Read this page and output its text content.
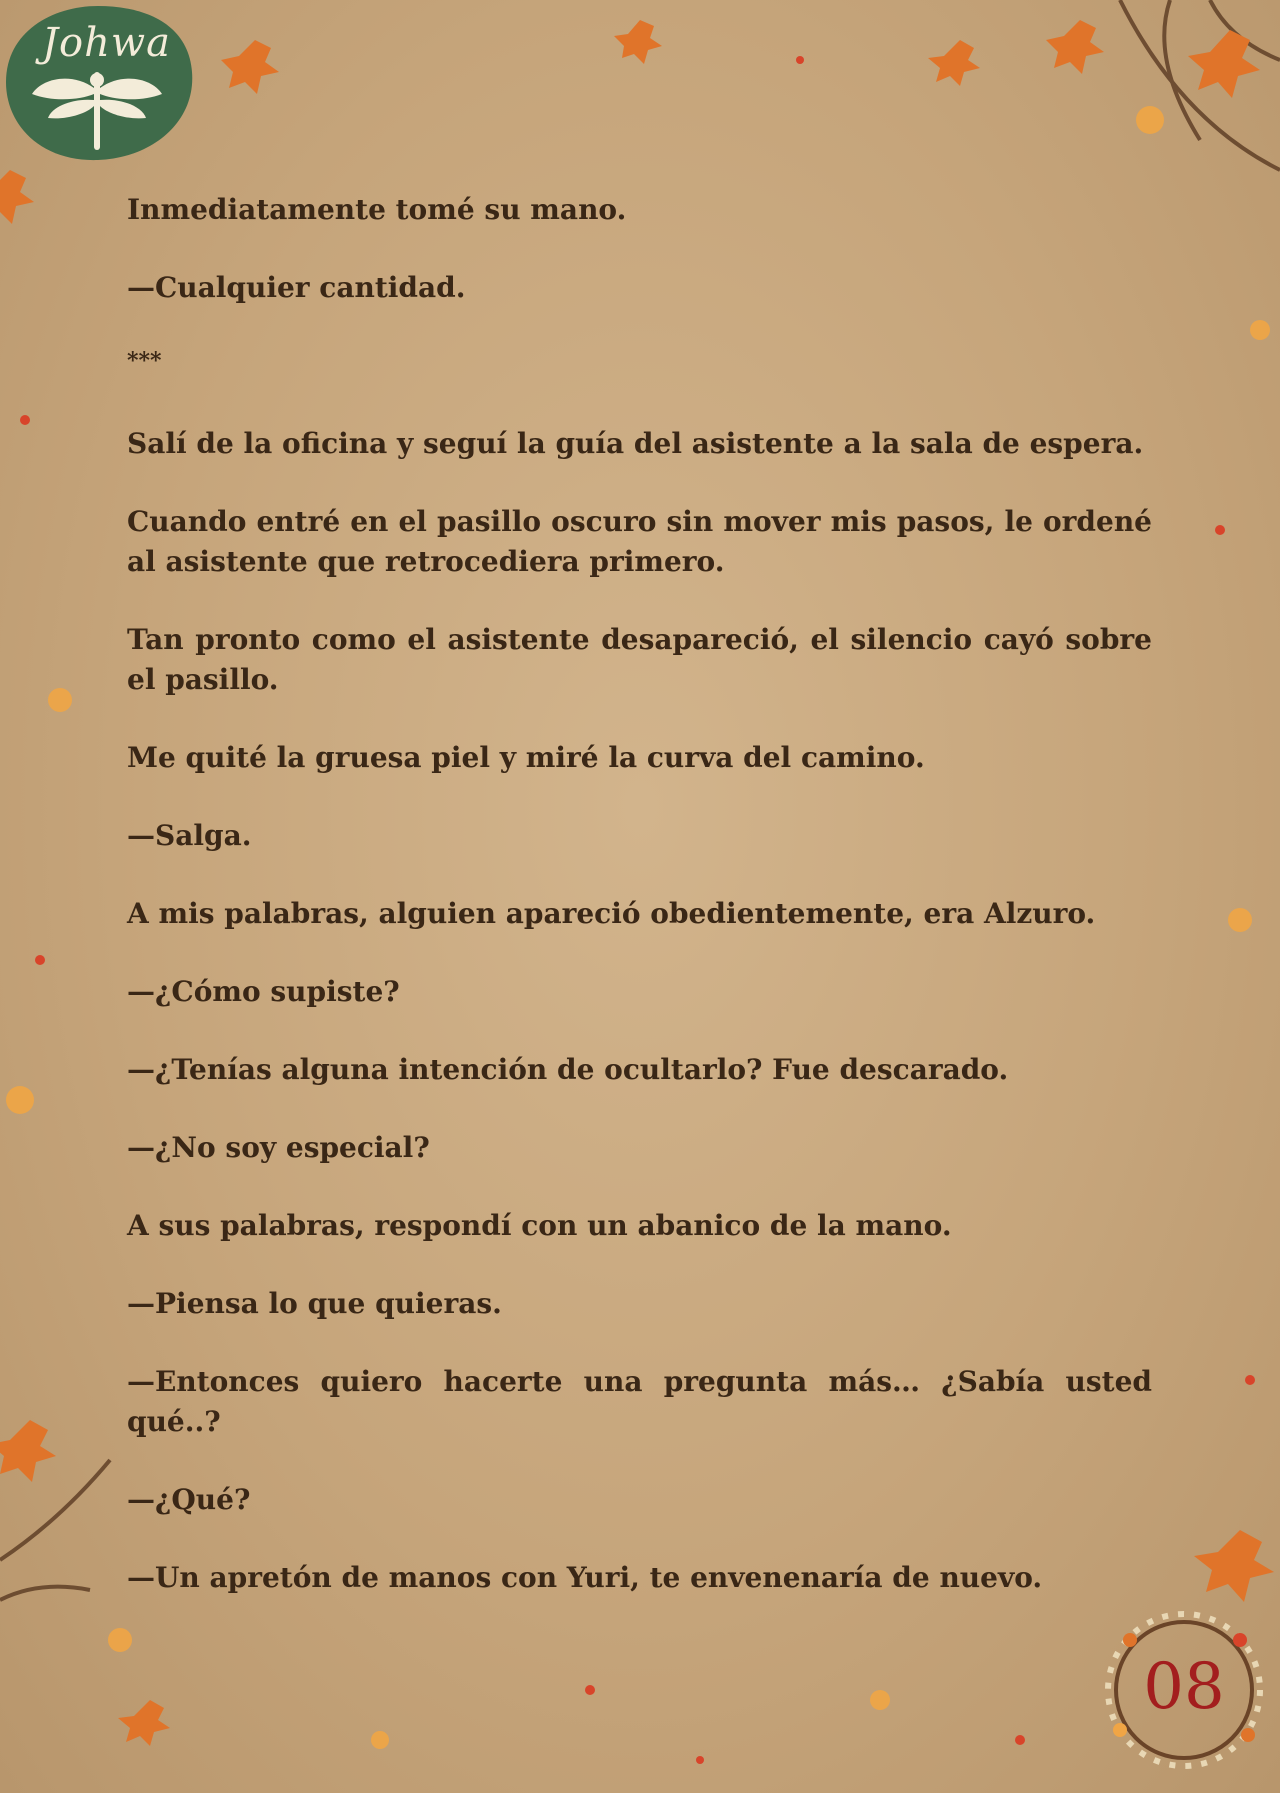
Johwa

Inmediatamente tomé su mano.

—Cualquier cantidad.

***

Salí de la oficina y seguí la guía del asistente a la sala de espera.

Cuando entré en el pasillo oscuro sin mover mis pasos, le ordené al asistente que retrocediera primero.

Tan pronto como el asistente desapareció, el silencio cayó sobre el pasillo.

Me quité la gruesa piel y miré la curva del camino.

—Salga.

A mis palabras, alguien apareció obedientemente, era Alzuro.

—¿Cómo supiste?

—¿Tenías alguna intención de ocultarlo? Fue descarado.

—¿No soy especial?

A sus palabras, respondí con un abanico de la mano.

—Piensa lo que quieras.

—Entonces quiero hacerte una pregunta más… ¿Sabía usted qué..?

—¿Qué?

—Un apretón de manos con Yuri, te envenenaría de nuevo.

08
